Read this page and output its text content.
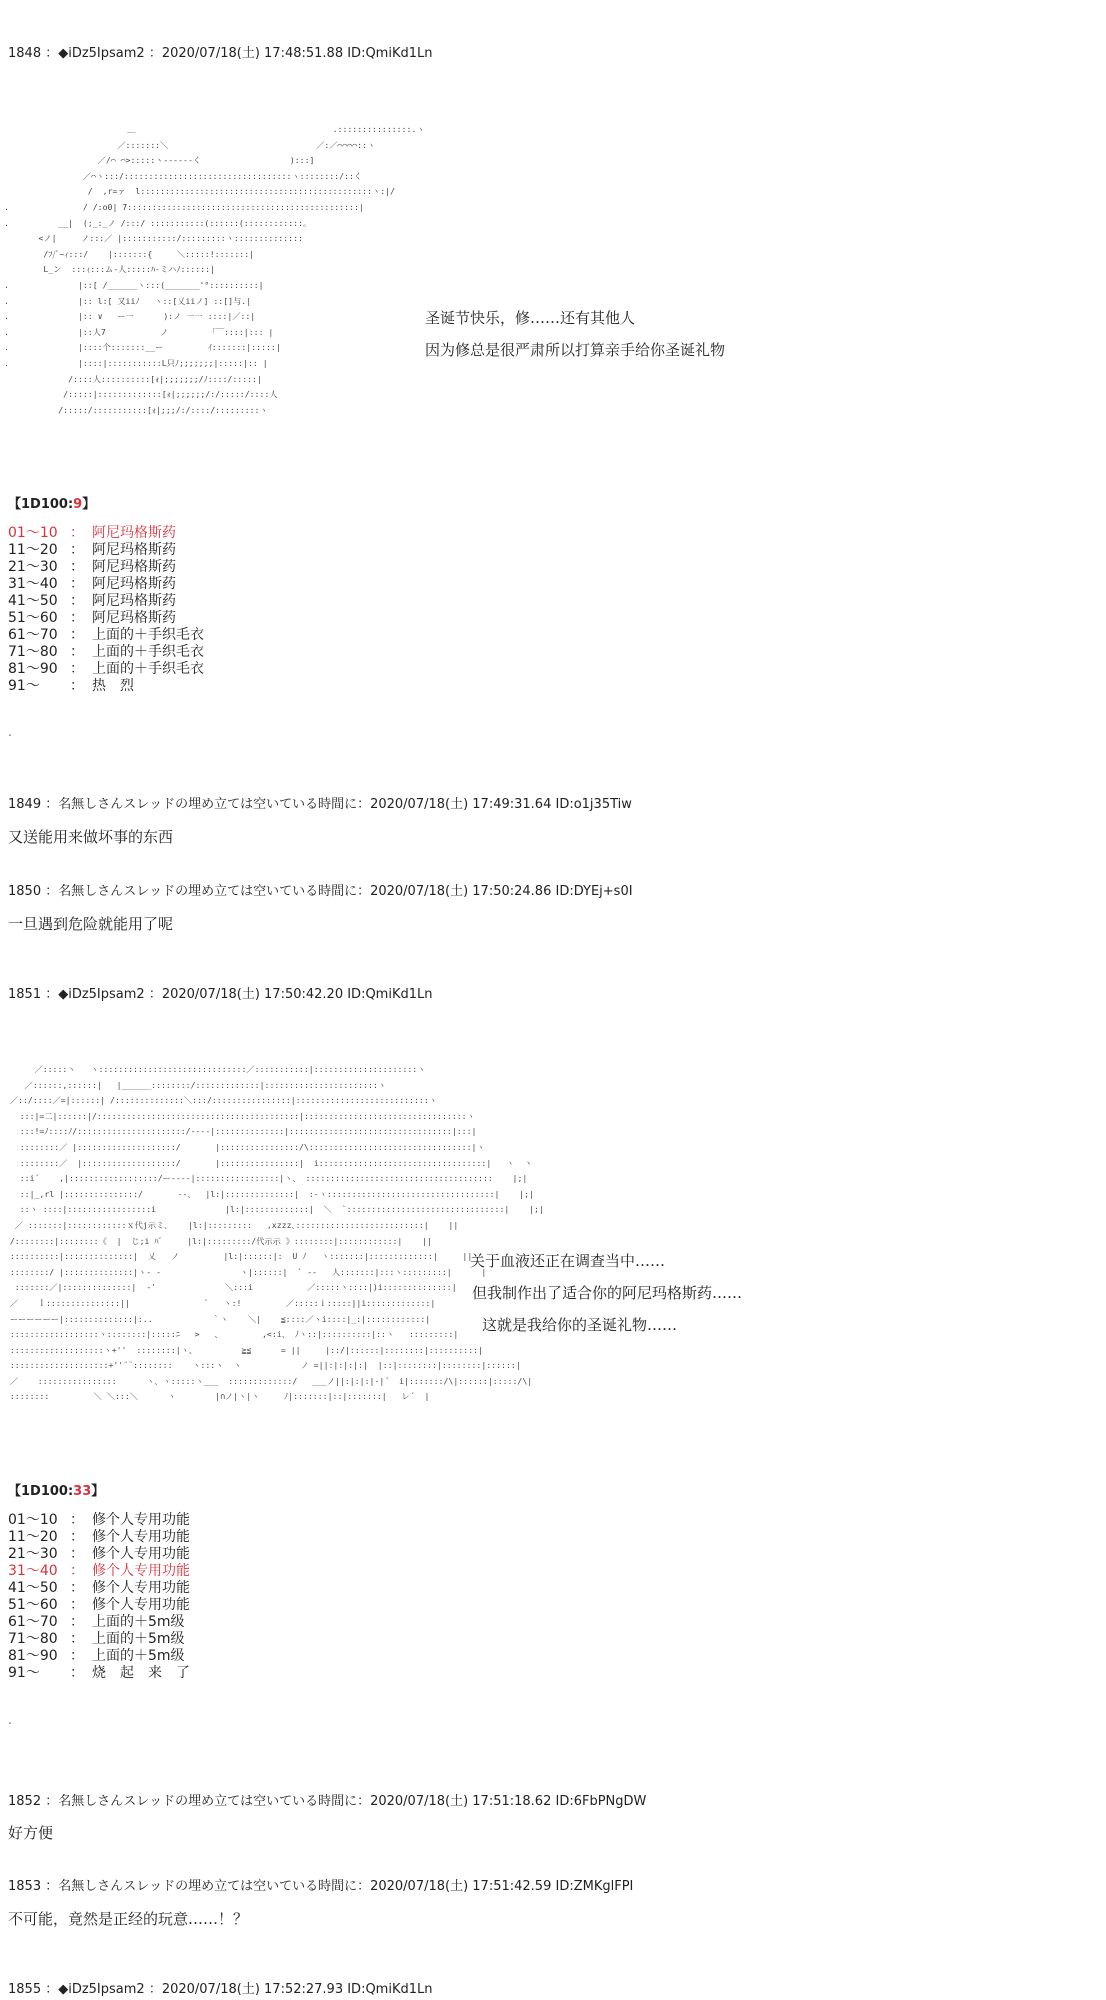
1848 ：◆iDz5Ipsam2 ：2020/07/18(土) 17:48:51.88 ID:QmiKd1Ln
＿                                        .:::::::::::::::.ヽ
／:::::::＼                              ／:／⌒⌒⌒⌒::ヽ
／/⌒ ⌒>:::::ヽ-‐‐‐‐-く                  ):::]
／⌒ヽ:::/::::::::::::::::::::::::::::::::::ヽ::::::::/::く
/  ,r=ァ  l:::::::::::::::::::::::::::::::::::::::::::::::ヽ:|/
.               / /:o0| 7:::::::::::::::::::::::::::::::::::::::::::::::|
.          __|  (;_:_ノ /:::/ :::::::::::(::::::(::::::::::::。
<ノ|     ノ:::／ |:::::::::::/:::::::::ヽ::::::::::::::
/ﾌ/ﾞ~ｨ:::/    |:::::::{     ＼:::::!:::::::|
L_ン  :::ｨ:::ム‐人:::::ﾊ‐ミハﾉ::::::|
.              |::[ /______ヽ:::(_______'°::::::::::|
.              |:: l:[ 又iiﾉ   ヽ::[乂iiノ] ::[]与.|
.              |:: ∨   ー一      ):ノ 一一 ::::|／::|
.              |::人7           ノ        「￣::::|::: |
.              |::::个:::::::__ー         ｲ:::::::|:::::|
.              |::::|:::::::::::L只ﾉ;;;;;;;|:::::|:: |
/::::人::::::::::[ｫ|;;;;;;;/ﾉ::::/:::::|
/:::::|:::::::::::::[ｫ|;;;;;;/:/:::::/::::人
/:::::/:::::::::::[ｫ|;;;/:/::::/:::::::::ヽ
圣诞节快乐，修……还有其他人
因为修总是很严肃所以打算亲手给你圣诞礼物
【1D100:9】
01～10 ： 阿尼玛格斯药
11～20 ： 阿尼玛格斯药
21～30 ： 阿尼玛格斯药
31～40 ： 阿尼玛格斯药
41～50 ： 阿尼玛格斯药
51～60 ： 阿尼玛格斯药
61～70 ： 上面的＋手织毛衣
71～80 ： 上面的＋手织毛衣
81～90 ： 上面的＋手织毛衣
91～	： 热　烈
.
1849 ：名無しさんスレッドの埋め立ては空いている時間に：2020/07/18(土) 17:49:31.64 ID:o1j35Tiw
又送能用来做坏事的东西
1850 ：名無しさんスレッドの埋め立ては空いている時間に：2020/07/18(土) 17:50:24.86 ID:DYEj+s0I
一旦遇到危险就能用了呢
1851 ：◆iDz5Ipsam2 ：2020/07/18(土) 17:50:42.20 ID:QmiKd1Ln
／:::::ヽ   ヽ::::::::::::::::::::::::::::::／:::::::::::|:::::::::::::::::::::ヽ
／::::::,::::::|   |______::::::::/:::::::::::::|:::::::::::::::::::::::ヽ
／::/::::／=|::::::| /::::::::::::::＼:::/::::::::::::::::|:::::::::::::::::::::::::::ヽ
:::|=二|::::::|/:::::::::::::::::::::::::::::::::::::::::|:::::::::::::::::::::::::::::::::ヽ
:::!=ﾉ::::ﾉ/::::::::::::::::::::::/‐‐‐‐|::::::::::::::|:::::::::::::::::::::::::::::::::|:::|
::::::::／ |::::::::::::::::::::/       |::::::::::::::::/\:::::::::::::::::::::::::::::::::|ヽ
::::::::／  |:::::::::::::::::::/       |::::::::::::::::|  i::::::::::::::::::::::::::::::::::|   ヽ  ヽ
::i´    ,|::::::::::::::::::/ー‐‐‐‐|:::::::::::::::::|ヽ、 ::::::::::::::::::::::::::::::::::::::    |;|
::|_,rl |:::::::::::::::/       ‐‐、  |l:|::::::::::::::|  :‐ヽ::::::::::::::::::::::::::::::::::|    |;|
::ヽ ::::|:::::::::::::::::i              |l:|:::::::::::::|  ＼  `::::::::::::::::::::::::::::::::|    |;|
／ :::::::|::::::::::::ｘ代j示ミ､    |l:|:::::::::   ,xzzz､::::::::::::::::::::::::::|    ||
/::::::::|::::::::《  |  じ;i ﾊﾞ     |l:|:::::::::/代示示 》::::::::|::::::::::::|    ||
::::::::::|::::::::::::::|  乂   ノ         |l:|::::::|:  U ﾉ   ヽ:::::::|:::::::::::::|     ||
::::::::/ |::::::::::::::|ヽ‐ ‐                ヽ|::::::|  ` ‐‐   人:::::::|:::ヽ:::::::::|      |
:::::::／|::::::::::::::|  ‐'              ＼:::i           ／:::::ヽ::::|)i::::::::::::::|
／    ｌ:::::::::::::::||               `   ヽ:!         ／:::::ｉ:::::||i:::::::::::::|
ーーーーーー|::::::::::::::|:..            ｀ヽ    ＼|    ≦::::／ヽi::::|_:|::::::::::::|
::::::::::::::::::ヽ::::::::|:::::ﾆ   >   、        ,<:i、 ﾉヽ::|::::::::::|::ヽ   :::::::::|
:::::::::::::::::::ヽ+''  ::::::::|ヽ、         ≧≦      = ||     |::/|::::::|::::::::|::::::::::|
::::::::::::::::::::+''¨¨::::::::    ヽ:::ヽ  ヽ            ノ =||:|:|:|:|  |::|::::::::|::::::::|::::::|
／    ::::::::::::::::      ヽ、ヽ:::::ヽ___  :::::::::::::/   ___ノ||:|:|:|‐|´  i|:::::::/\|::::::|:::::/\|
::::::::         ＼ ＼:::＼      ヽ        |∩ノ|ヽ|ヽ     ﾉ|:::::::|::|:::::::|   レ´  |
关于血液还正在调查当中……
但我制作出了适合你的阿尼玛格斯药……
这就是我给你的圣诞礼物……
【1D100:33】
01～10 ： 修个人专用功能
11～20 ： 修个人专用功能
21～30 ： 修个人专用功能
31～40 ： 修个人专用功能
41～50 ： 修个人专用功能
51～60 ： 修个人专用功能
61～70 ： 上面的＋5m级
71～80 ： 上面的＋5m级
81～90 ： 上面的＋5m级
91～	： 烧　起　来　了
.
1852 ：名無しさんスレッドの埋め立ては空いている時間に：2020/07/18(土) 17:51:18.62 ID:6FbPNgDW
好方便
1853 ：名無しさんスレッドの埋め立ては空いている時間に：2020/07/18(土) 17:51:42.59 ID:ZMKglFPI
不可能，竟然是正经的玩意……！？
1855 ：◆iDz5Ipsam2 ：2020/07/18(土) 17:52:27.93 ID:QmiKd1Ln
